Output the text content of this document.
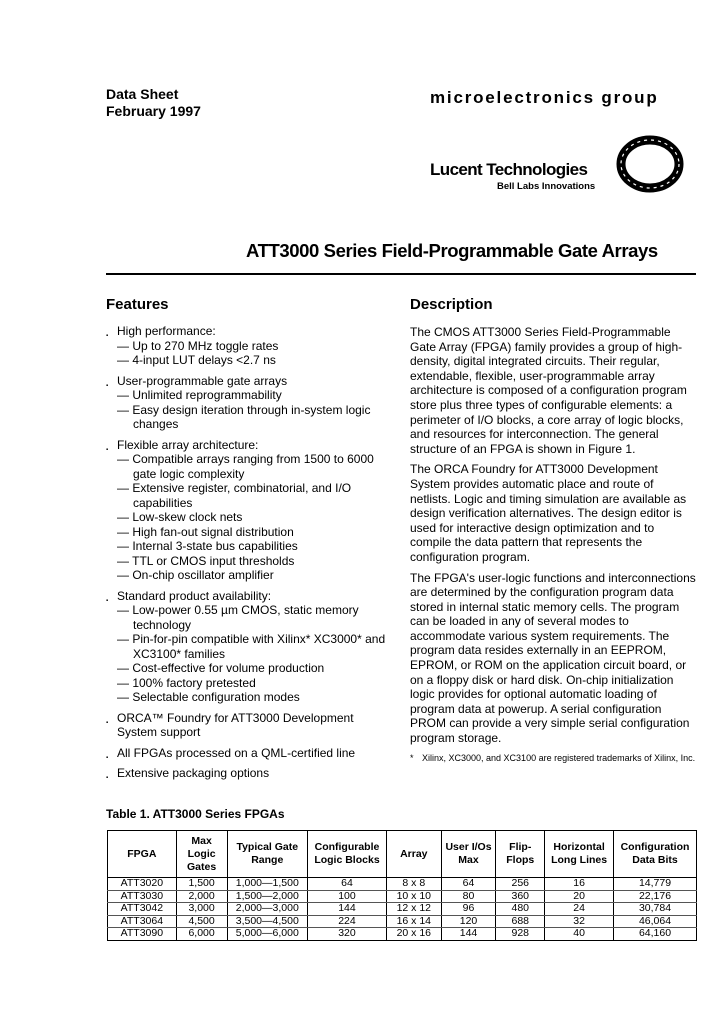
Data Sheet
February 1997
microelectronics group
Lucent Technologies
Bell Labs Innovations
ATT3000 Series Field-Programmable Gate Arrays
Features
▪ High performance:
— Up to 270 MHz toggle rates
— 4-input LUT delays <2.7 ns
▪ User-programmable gate arrays
— Unlimited reprogrammability
— Easy design iteration through in-system logic changes
▪ Flexible array architecture:
— Compatible arrays ranging from 1500 to 6000 gate logic complexity
— Extensive register, combinatorial, and I/O capabilities
— Low-skew clock nets
— High fan-out signal distribution
— Internal 3-state bus capabilities
— TTL or CMOS input thresholds
— On-chip oscillator amplifier
▪ Standard product availability:
— Low-power 0.55 µm CMOS, static memory technology
— Pin-for-pin compatible with Xilinx* XC3000* and XC3100* families
— Cost-effective for volume production
— 100% factory pretested
— Selectable configuration modes
▪ ORCA™ Foundry for ATT3000 Development System support
▪ All FPGAs processed on a QML-certified line
▪ Extensive packaging options
Description

The CMOS ATT3000 Series Field-Programmable Gate Array (FPGA) family provides a group of high-density, digital integrated circuits. Their regular, extendable, flexible, user-programmable array architecture is composed of a configuration program store plus three types of configurable elements: a perimeter of I/O blocks, a core array of logic blocks, and resources for interconnection. The general structure of an FPGA is shown in Figure 1.

The ORCA Foundry for ATT3000 Development System provides automatic place and route of netlists. Logic and timing simulation are available as design verification alternatives. The design editor is used for interactive design optimization and to compile the data pattern that represents the configuration program.

The FPGA's user-logic functions and interconnections are determined by the configuration program data stored in internal static memory cells. The program can be loaded in any of several modes to accommodate various system requirements. The program data resides externally in an EEPROM, EPROM, or ROM on the application circuit board, or on a floppy disk or hard disk. On-chip initialization logic provides for optional automatic loading of program data at powerup. A serial configuration PROM can provide a very simple serial configuration program storage.

* Xilinx, XC3000, and XC3100 are registered trademarks of Xilinx, Inc.
Table 1. ATT3000 Series FPGAs
FPGA	Max Logic Gates	Typical Gate Range	Configurable Logic Blocks	Array	User I/Os Max	Flip-Flops	Horizontal Long Lines	Configuration Data Bits
ATT3020	1,500	1,000—1,500	64	8 x 8	64	256	16	14,779
ATT3030	2,000	1,500—2,000	100	10 x 10	80	360	20	22,176
ATT3042	3,000	2,000—3,000	144	12 x 12	96	480	24	30,784
ATT3064	4,500	3,500—4,500	224	16 x 14	120	688	32	46,064
ATT3090	6,000	5,000—6,000	320	20 x 16	144	928	40	64,160
